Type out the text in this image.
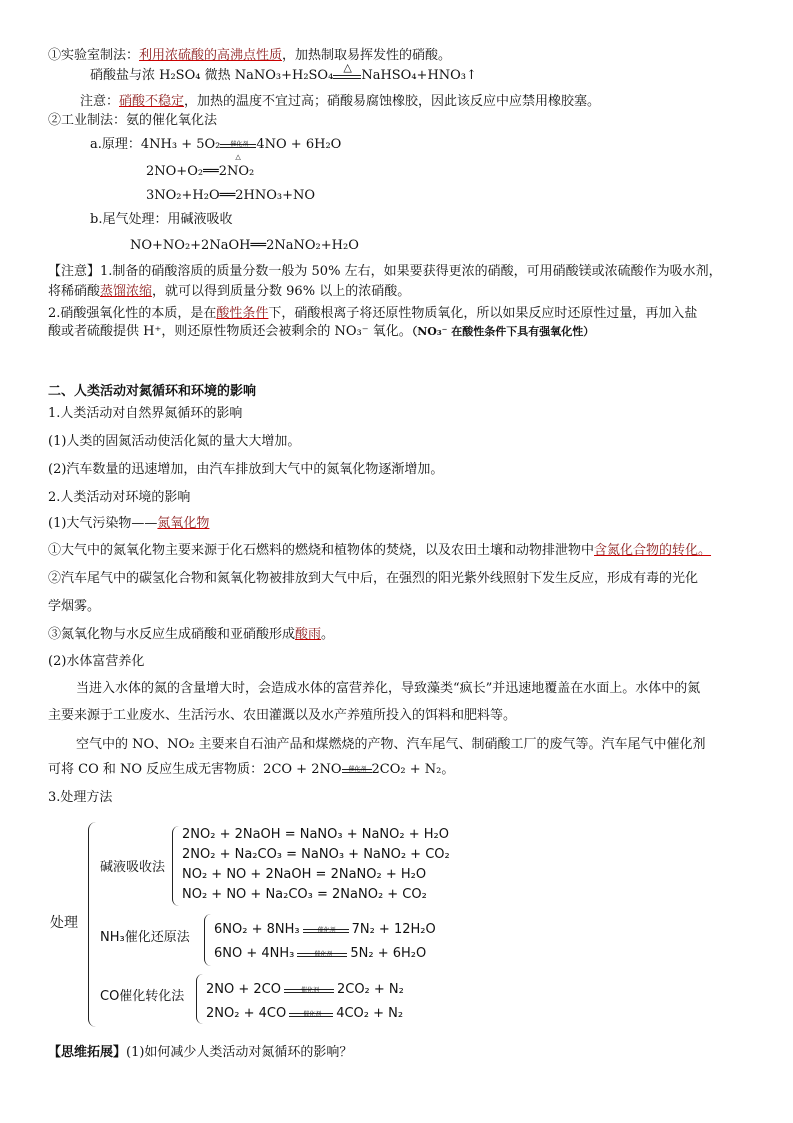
①实验室制法：利用浓硫酸的高沸点性质，加热制取易挥发性的硝酸。
硝酸盐与浓 H₂SO₄ 微热 NaNO₃+H₂SO₄
△
NaHSO₄+HNO₃↑
注意：硝酸不稳定，加热的温度不宜过高；硝酸易腐蚀橡胶，因此该反应中应禁用橡胶塞。
②工业制法：氨的催化氧化法
a.原理：4NH₃ + 5O₂ 催化剂
△
4NO + 6H₂O
2NO+O₂══2NO₂
3NO₂+H₂O══2HNO₃+NO
b.尾气处理：用碱液吸收
NO+NO₂+2NaOH══2NaNO₂+H₂O
【注意】1.制备的硝酸溶质的质量分数一般为 50% 左右，如果要获得更浓的硝酸，可用硝酸镁或浓硫酸作为吸水剂，
将稀硝酸蒸馏浓缩，就可以得到质量分数 96% 以上的浓硝酸。
2.硝酸强氧化性的本质，是在酸性条件下，硝酸根离子将还原性物质氧化，所以如果反应时还原性过量，再加入盐
酸或者硫酸提供 H⁺，则还原性物质还会被剩余的 NO₃⁻ 氧化。（NO₃⁻ 在酸性条件下具有强氧化性）
二、人类活动对氮循环和环境的影响
1.人类活动对自然界氮循环的影响
(1)人类的固氮活动使活化氮的量大大增加。
(2)汽车数量的迅速增加，由汽车排放到大气中的氮氧化物逐渐增加。
2.人类活动对环境的影响
(1)大气污染物——氮氧化物
①大气中的氮氧化物主要来源于化石燃料的燃烧和植物体的焚烧，以及农田土壤和动物排泄物中含氮化合物的转化。
②汽车尾气中的碳氢化合物和氮氧化物被排放到大气中后，在强烈的阳光紫外线照射下发生反应，形成有毒的光化
学烟雾。
③氮氧化物与水反应生成硝酸和亚硝酸形成酸雨。
(2)水体富营养化
当进入水体的氮的含量增大时，会造成水体的富营养化，导致藻类“疯长”并迅速地覆盖在水面上。水体中的氮
主要来源于工业废水、生活污水、农田灌溉以及水产养殖所投入的饵料和肥料等。
空气中的 NO、NO₂ 主要来自石油产品和煤燃烧的产物、汽车尾气、制硝酸工厂的废气等。汽车尾气中催化剂
可将 CO 和 NO 反应生成无害物质：2CO + 2NO 催化剂 2CO₂ + N₂。
3.处理方法
处理
碱液吸收法
2NO₂ + 2NaOH = NaNO₃ + NaNO₂ + H₂O
2NO₂ + Na₂CO₃ = NaNO₃ + NaNO₂ + CO₂
NO₂ + NO + 2NaOH = 2NaNO₂ + H₂O
NO₂ + NO + Na₂CO₃ = 2NaNO₂ + CO₂
NH₃催化还原法
6NO₂ + 8NH₃	催化剂 7N₂ + 12H₂O
6NO + 4NH₃	催化剂 5N₂ + 6H₂O
CO催化转化法 2NO + 2CO	催化剂 2CO₂ + N₂
2NO₂ + 4CO	催化剂 4CO₂ + N₂
【思维拓展】(1)如何减少人类活动对氮循环的影响？
